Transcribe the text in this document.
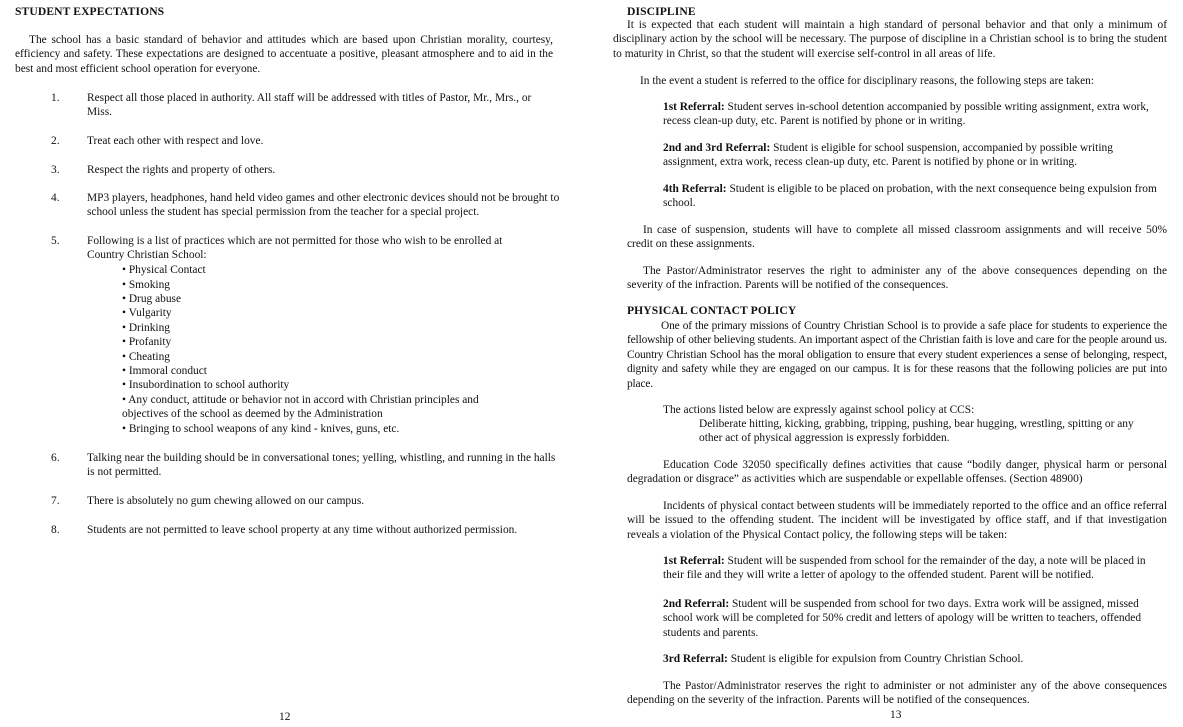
STUDENT EXPECTATIONS

The school has a basic standard of behavior and attitudes which are based upon Christian morality, courtesy, efficiency and safety. These expectations are designed to accentuate a positive, pleasant atmosphere and to aid in the best and most efficient school operation for everyone.

1.	Respect all those placed in authority. All staff will be addressed with titles of Pastor, Mr., Mrs., or Miss.

2.	Treat each other with respect and love.

3.	Respect the rights and property of others.

4.	MP3 players, headphones, hand held video games and other electronic devices should not be brought to school unless the student has special permission from the teacher for a special project.

5.	Following is a list of practices which are not permitted for those who wish to be enrolled at Country Christian School:

• Physical Contact

• Smoking

• Drug abuse

• Vulgarity

• Drinking

• Profanity

• Cheating

• Immoral conduct

• Insubordination to school authority

• Any conduct, attitude or behavior not in accord with Christian principles and objectives of the school as deemed by the Administration

• Bringing to school weapons of any kind - knives, guns, etc.

6.	Talking near the building should be in conversational tones; yelling, whistling, and running in the halls is not permitted.

7.	There is absolutely no gum chewing allowed on our campus.

8.	Students are not permitted to leave school property at any time without authorized permission.

12
DISCIPLINE

It is expected that each student will maintain a high standard of personal behavior and that only a minimum of disciplinary action by the school will be necessary. The purpose of discipline in a Christian school is to bring the student to maturity in Christ, so that the student will exercise self-control in all areas of life.

In the event a student is referred to the office for disciplinary reasons, the following steps are taken:

1st Referral: Student serves in-school detention accompanied by possible writing assignment, extra work, recess clean-up duty, etc. Parent is notified by phone or in writing.

2nd and 3rd Referral: Student is eligible for school suspension, accompanied by possible writing assignment, extra work, recess clean-up duty, etc. Parent is notified by phone or in writing.

4th Referral: Student is eligible to be placed on probation, with the next consequence being expulsion from school.

In case of suspension, students will have to complete all missed classroom assignments and will receive 50% credit on these assignments.

The Pastor/Administrator reserves the right to administer any of the above consequences depending on the severity of the infraction. Parents will be notified of the consequences.

PHYSICAL CONTACT POLICY

One of the primary missions of Country Christian School is to provide a safe place for students to experience the fellowship of other believing students. An important aspect of the Christian faith is love and care for the people around us. Country Christian School has the moral obligation to ensure that every student experiences a sense of belonging, respect, dignity and safety while they are engaged on our campus. It is for these reasons that the following policies are put into place.

The actions listed below are expressly against school policy at CCS:

Deliberate hitting, kicking, grabbing, tripping, pushing, bear hugging, wrestling, spitting or any other act of physical aggression is expressly forbidden.

Education Code 32050 specifically defines activities that cause “bodily danger, physical harm or personal degradation or disgrace” as activities which are suspendable or expellable offenses. (Section 48900)

Incidents of physical contact between students will be immediately reported to the office and an office referral will be issued to the offending student. The incident will be investigated by office staff, and if that investigation reveals a violation of the Physical Contact policy, the following steps will be taken:

1st Referral: Student will be suspended from school for the remainder of the day, a note will be placed in their file and they will write a letter of apology to the offended student. Parent will be notified.

2nd Referral: Student will be suspended from school for two days. Extra work will be assigned, missed school work will be completed for 50% credit and letters of apology will be written to teachers, offended students and parents.

3rd Referral: Student is eligible for expulsion from Country Christian School.

The Pastor/Administrator reserves the right to administer or not administer any of the above consequences depending on the severity of the infraction. Parents will be notified of the consequences.

13
